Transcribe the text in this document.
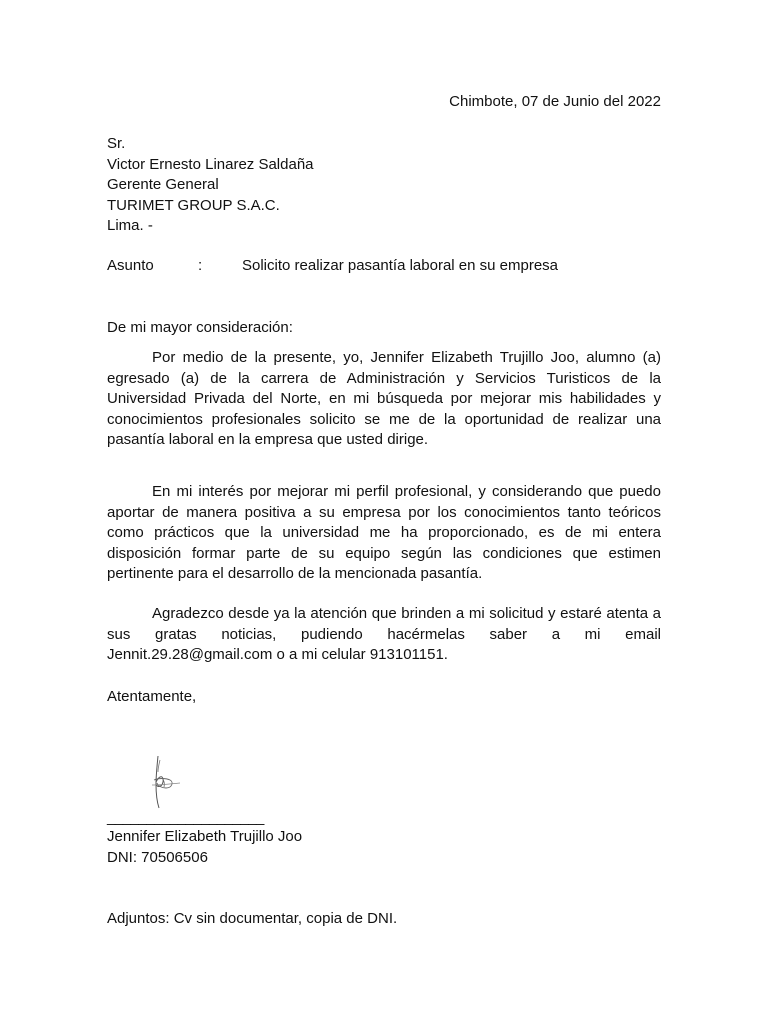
Chimbote, 07 de Junio del 2022
Sr.
Victor Ernesto Linarez Saldaña
Gerente General
TURIMET GROUP S.A.C.
Lima. -
Asunto	:	Solicito realizar pasantía laboral en su empresa
De mi mayor consideración:

Por medio de la presente, yo, Jennifer Elizabeth Trujillo Joo, alumno (a) egresado (a) de la carrera de Administración y Servicios Turisticos de la Universidad Privada del Norte, en mi búsqueda por mejorar mis habilidades y conocimientos profesionales solicito se me de la oportunidad de realizar una pasantía laboral en la empresa que usted dirige.

En mi interés por mejorar mi perfil profesional, y considerando que puedo aportar de manera positiva a su empresa por los conocimientos tanto teóricos como prácticos que la universidad me ha proporcionado, es de mi entera disposición formar parte de su equipo según las condiciones que estimen pertinente para el desarrollo de la mencionada pasantía.

Agradezco desde ya la atención que brinden a mi solicitud y estaré atenta a sus gratas noticias, pudiendo hacérmelas saber a mi email Jennit.29.28@gmail.com o a mi celular 913101151.

Atentamente,
____________________
Jennifer Elizabeth Trujillo Joo
DNI: 70506506
Adjuntos: Cv sin documentar, copia de DNI.
